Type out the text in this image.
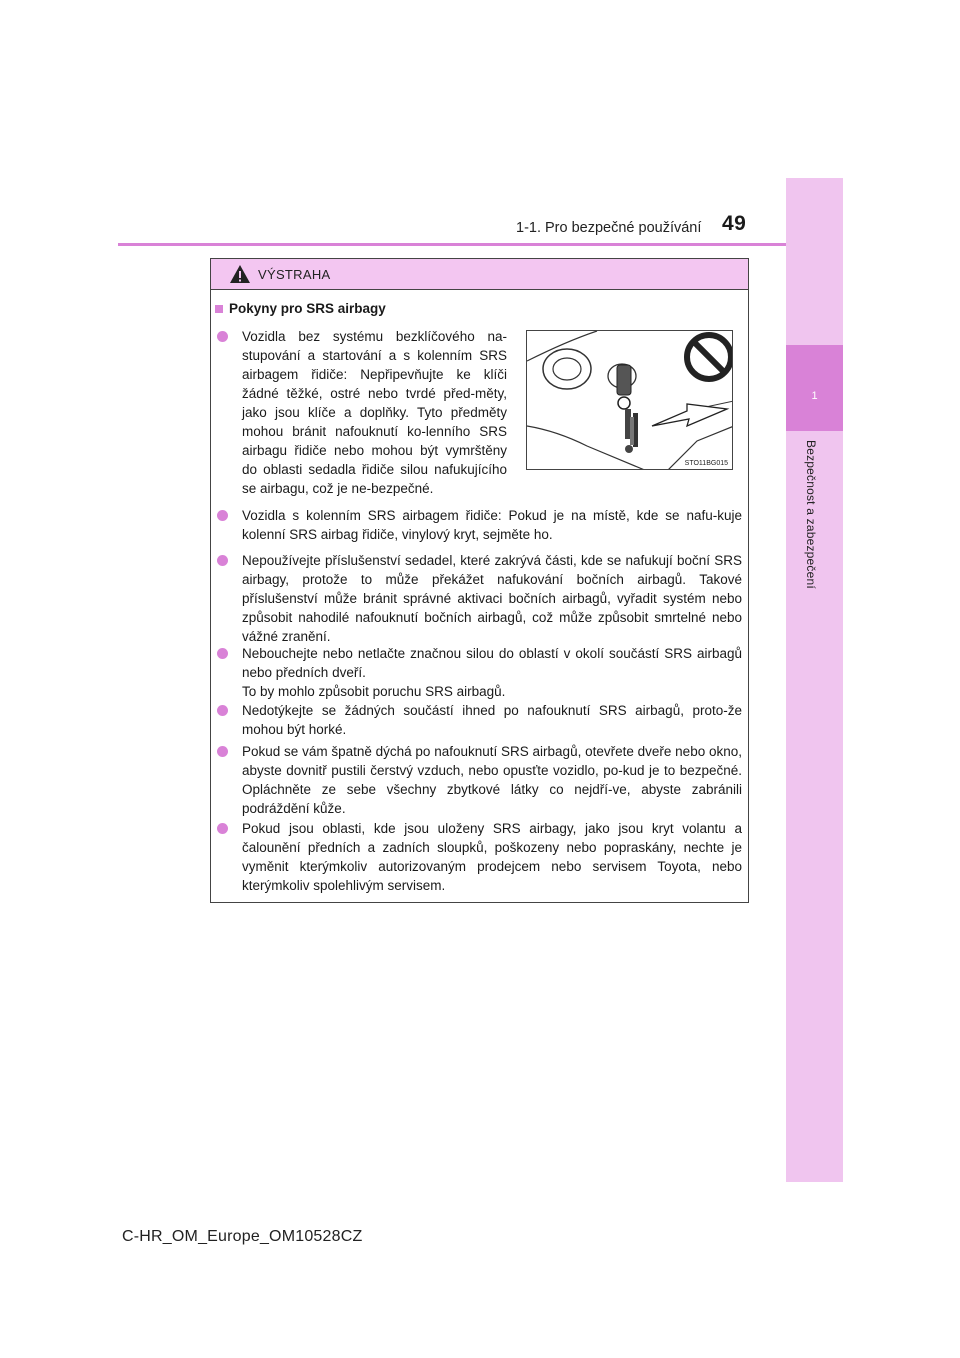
1
Bezpečnost a zabezpečení
1-1. Pro bezpečné používání 49
VÝSTRAHA
Pokyny pro SRS airbagy
STO11BG015
Vozidla bez systému bezklíčového na-stupování a startování a s kolenním SRS airbagem řidiče: Nepřipevňujte ke klíči žádné těžké, ostré nebo tvrdé před-měty, jako jsou klíče a doplňky. Tyto předměty mohou bránit nafouknutí ko-lenního SRS airbagu řidiče nebo mohou být vymrštěny do oblasti sedadla řidiče silou nafukujícího se airbagu, což je ne-bezpečné.
Vozidla s kolenním SRS airbagem řidiče: Pokud je na místě, kde se nafu-kuje kolenní SRS airbag řidiče, vinylový kryt, sejměte ho.
Nepoužívejte příslušenství sedadel, které zakrývá části, kde se nafukují boční SRS airbagy, protože to může překážet nafukování bočních airbagů. Takové příslušenství může bránit správné aktivaci bočních airbagů, vyřadit systém nebo způsobit nahodilé nafouknutí bočních airbagů, což může způsobit smrtelné nebo vážné zranění.
Nebouchejte nebo netlačte značnou silou do oblastí v okolí součástí SRS airbagů nebo předních dveří.
To by mohlo způsobit poruchu SRS airbagů.
Nedotýkejte se žádných součástí ihned po nafouknutí SRS airbagů, proto-že mohou být horké.
Pokud se vám špatně dýchá po nafouknutí SRS airbagů, otevřete dveře nebo okno, abyste dovnitř pustili čerstvý vzduch, nebo opusťte vozidlo, po-kud je to bezpečné. Opláchněte ze sebe všechny zbytkové látky co nejdří-ve, abyste zabránili podráždění kůže.
Pokud jsou oblasti, kde jsou uloženy SRS airbagy, jako jsou kryt volantu a čalounění předních a zadních sloupků, poškozeny nebo popraskány, nechte je vyměnit kterýmkoliv autorizovaným prodejcem nebo servisem Toyota, nebo kterýmkoliv spolehlivým servisem.
C-HR_OM_Europe_OM10528CZ
